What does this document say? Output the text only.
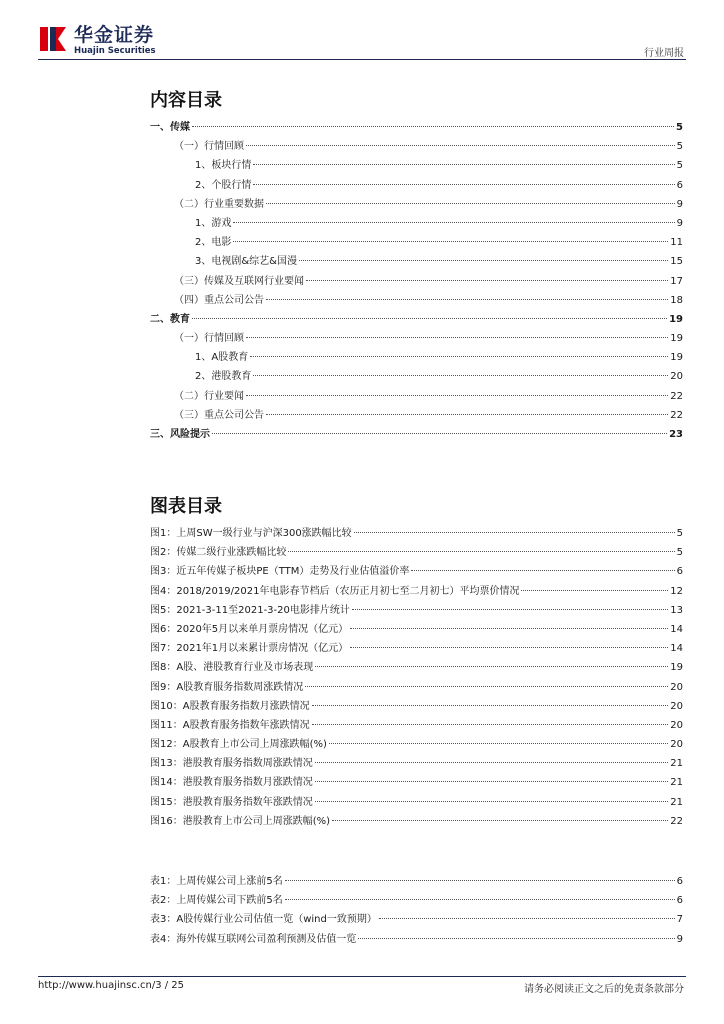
华金证券
Huajin Securities	行业周报
内容目录
一、传媒	5
（一）行情回顾	5
1、板块行情	5
2、个股行情	6
（二）行业重要数据	9
1、游戏	9
2、电影	11
3、电视剧&综艺&国漫	15
（三）传媒及互联网行业要闻	17
（四）重点公司公告	18
二、教育	19
（一）行情回顾	19
1、A股教育	19
2、港股教育	20
（二）行业要闻	22
（三）重点公司公告	22
三、风险提示	23
图表目录
图1：上周SW一级行业与沪深300涨跌幅比较	5
图2：传媒二级行业涨跌幅比较	5
图3：近五年传媒子板块PE（TTM）走势及行业估值溢价率	6
图4：2018/2019/2021年电影春节档后（农历正月初七至二月初七）平均票价情况	12
图5：2021-3-11至2021-3-20电影排片统计	13
图6：2020年5月以来单月票房情况（亿元）	14
图7：2021年1月以来累计票房情况（亿元）	14
图8：A股、港股教育行业及市场表现	19
图9：A股教育服务指数周涨跌情况	20
图10：A股教育服务指数月涨跌情况	20
图11：A股教育服务指数年涨跌情况	20
图12：A股教育上市公司上周涨跌幅(%)	20
图13：港股教育服务指数周涨跌情况	21
图14：港股教育服务指数月涨跌情况	21
图15：港股教育服务指数年涨跌情况	21
图16：港股教育上市公司上周涨跌幅(%)	22
表1：上周传媒公司上涨前5名	6
表2：上周传媒公司下跌前5名	6
表3：A股传媒行业公司估值一览（wind一致预期）	7
表4：海外传媒互联网公司盈利预测及估值一览	9
http://www.huajinsc.cn/3 / 25	请务必阅读正文之后的免责条款部分
